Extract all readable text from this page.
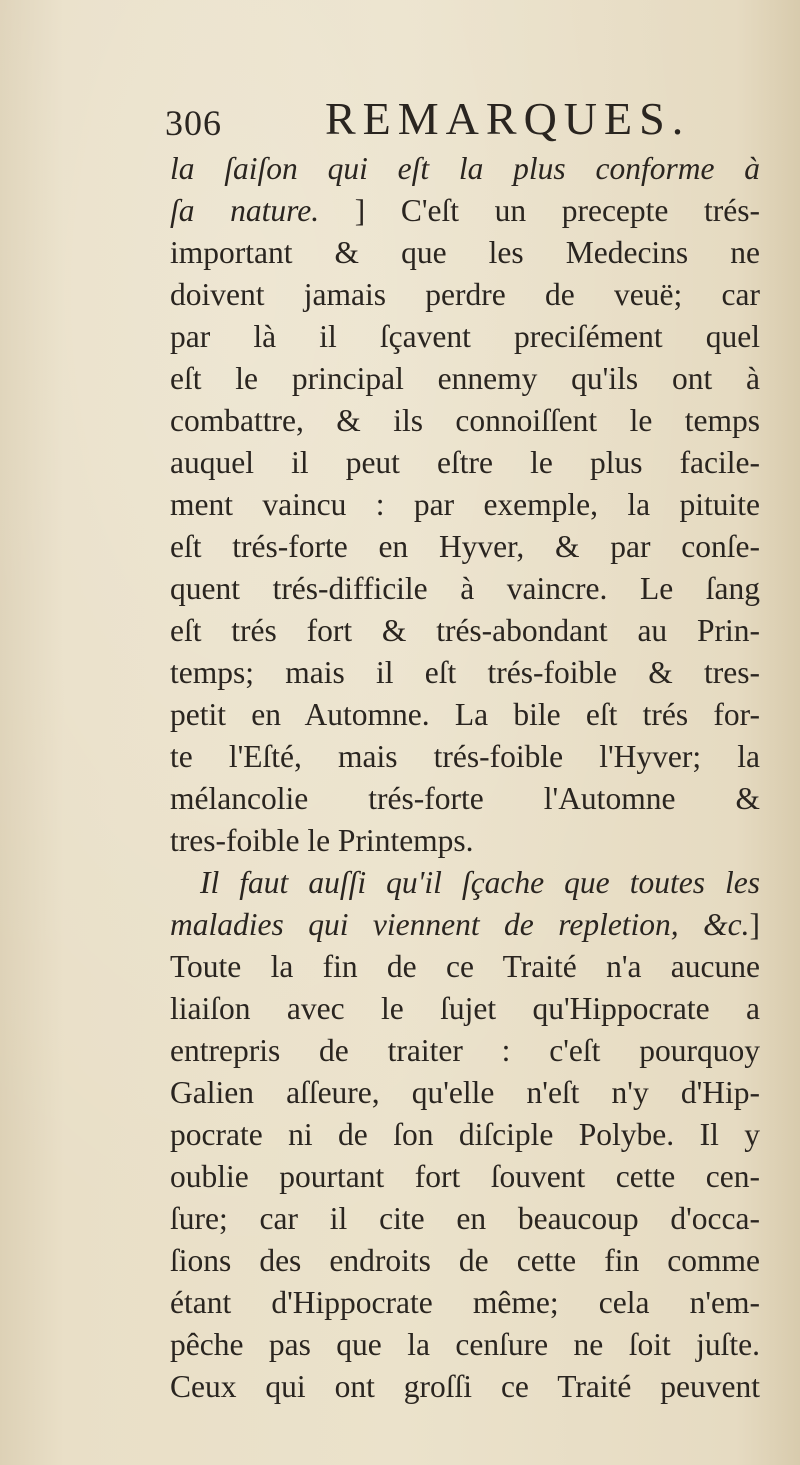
306 REMARQUES.
la ſaiſon qui eſt la plus conforme à
ſa nature. ] C'eſt un precepte trés-
important & que les Medecins ne
doivent jamais perdre de veuë; car
par là il ſçavent preciſément quel
eſt le principal ennemy qu'ils ont à
combattre, & ils connoiſſent le temps
auquel il peut eſtre le plus facile-
ment vaincu : par exemple, la pituite
eſt trés-forte en Hyver, & par conſe-
quent trés-difficile à vaincre. Le ſang
eſt trés fort & trés-abondant au Prin-
temps; mais il eſt trés-foible & tres-
petit en Automne. La bile eſt trés for-
te l'Eſté, mais trés-foible l'Hyver; la
mélancolie trés-forte l'Automne &
tres-foible le Printemps.
Il faut auſſi qu'il ſçache que toutes les
maladies qui viennent de repletion, &c.]
Toute la fin de ce Traité n'a aucune
liaiſon avec le ſujet qu'Hippocrate a
entrepris de traiter : c'eſt pourquoy
Galien aſſeure, qu'elle n'eſt n'y d'Hip-
pocrate ni de ſon diſciple Polybe. Il y
oublie pourtant fort ſouvent cette cen-
ſure; car il cite en beaucoup d'occa-
ſions des endroits de cette fin comme
étant d'Hippocrate même; cela n'em-
pêche pas que la cenſure ne ſoit juſte.
Ceux qui ont groſſi ce Traité peuvent
